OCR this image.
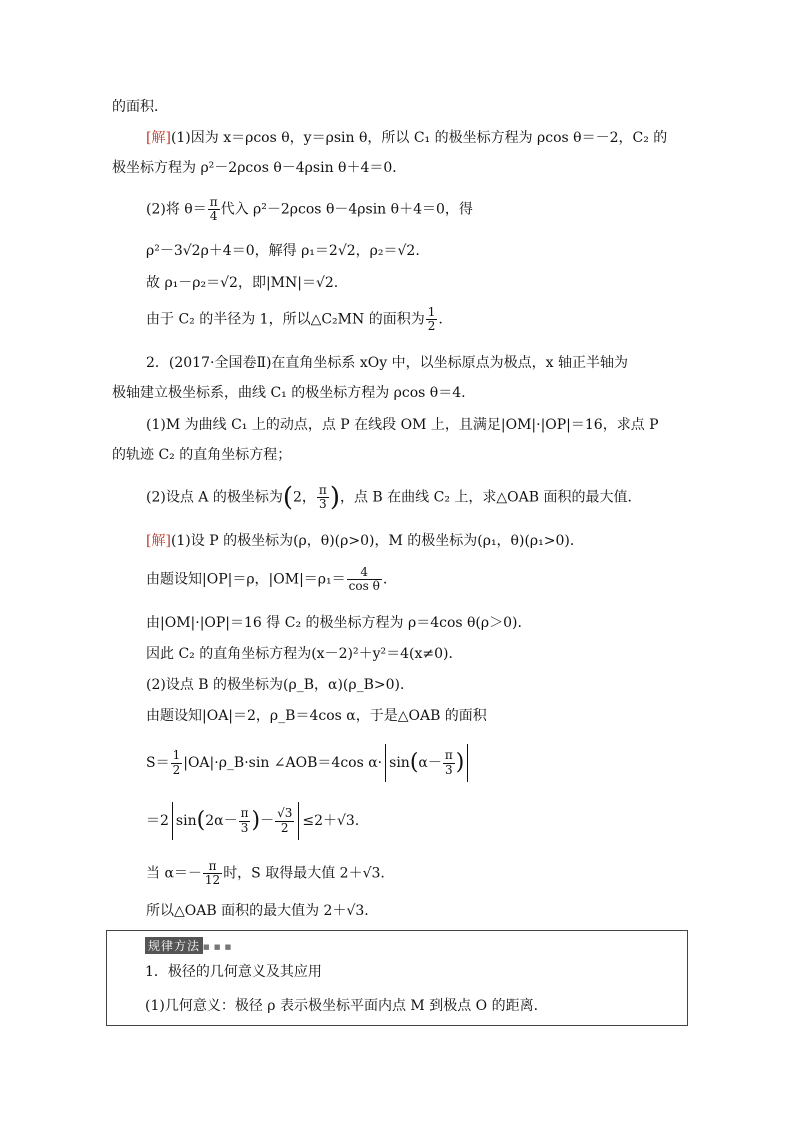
的面积．
[解](1)因为 x＝ρcos θ，y＝ρsin θ，所以 C₁ 的极坐标方程为 ρcos θ＝－2，C₂ 的
极坐标方程为 ρ²－2ρcos θ－4ρsin θ＋4＝0．
(2)将 $\theta= \frac{\pi}{4}$ 代入 ρ²－2ρcos θ－4ρsin θ＋4＝0，得
ρ²－3√2ρ＋4＝0，解得 ρ₁＝2√2，ρ₂＝√2.
故 ρ₁－ρ₂＝√2，即|MN|＝√2.
由于 C₂ 的半径为 1，所以△C₂MN 的面积为 $\frac{1}{2}$ .
2．(2017·全国卷Ⅱ)在直角坐标系 xOy 中，以坐标原点为极点，x 轴正半轴为
极轴建立极坐标系，曲线 C₁ 的极坐标方程为 ρcos θ＝4.
(1)M 为曲线 C₁ 上的动点，点 P 在线段 OM 上，且满足|OM|·|OP|＝16，求点 P
的轨迹 C₂ 的直角坐标方程；
(2)设点 A 的极坐标为(2， $\frac{\pi}{3}$ )，点 B 在曲线 C₂ 上，求△OAB 面积的最大值．
[解](1)设 P 的极坐标为(ρ，θ)(ρ>0)，M 的极坐标为(ρ₁，θ)(ρ₁>0)．
由题设知|OP|＝ρ，$|OM|=\rho_1= \frac{4}{\text{cos θ}}$ .
由|OM|·|OP|＝16 得 C₂ 的极坐标方程为 ρ＝4cos θ(ρ＞0)．
因此 C₂ 的直角坐标方程为(x－2)²＋y²＝4(x≠0)．
(2)设点 B 的极坐标为(ρ_B，α)(ρ_B>0)．
由题设知|OA|＝2，ρ_B＝4cos α，于是△OAB 的面积
$S= \frac{1}{2}$ |OA|·ρ_B·sin ∠AOB＝4cos $\alpha\cdot \sin(\alpha- \frac{\pi}{3}$ )
＝2 $\sin(2\alpha- \frac{\pi}{3}$ )－ $\frac{√3}{2} \le 2+√3$.
当 $\alpha=- \frac{\pi}{12}$ 时，S 取得最大值 2＋√3.
所以△OAB 面积的最大值为 2＋√3.
规律方法 ■ ■ ■
1．极径的几何意义及其应用
(1)几何意义：极径 ρ 表示极坐标平面内点 M 到极点 O 的距离．
